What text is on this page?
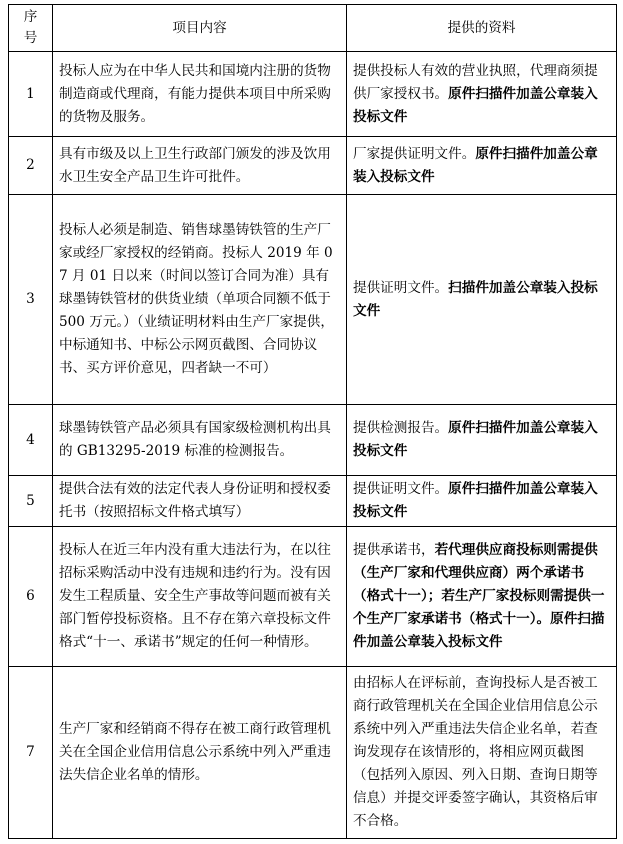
序
号	项目内容	提供的资料
1	投标人应为在中华人民共和国境内注册的货物制造商或代理商，有能力提供本项目中所采购的货物及服务。	提供投标人有效的营业执照，代理商须提供厂家授权书。原件扫描件加盖公章装入投标文件
2	具有市级及以上卫生行政部门颁发的涉及饮用水卫生安全产品卫生许可批件。	厂家提供证明文件。原件扫描件加盖公章装入投标文件
3	投标人必须是制造、销售球墨铸铁管的生产厂家或经厂家授权的经销商。投标人 2019 年 07 月 01 日以来（时间以签订合同为准）具有球墨铸铁管材的供货业绩（单项合同额不低于 500 万元。）（业绩证明材料由生产厂家提供，中标通知书、中标公示网页截图、合同协议书、买方评价意见，四者缺一不可）	提供证明文件。扫描件加盖公章装入投标文件
4	球墨铸铁管产品必须具有国家级检测机构出具的 GB13295-2019 标准的检测报告。	提供检测报告。原件扫描件加盖公章装入投标文件
5	提供合法有效的法定代表人身份证明和授权委托书（按照招标文件格式填写）	提供证明文件。原件扫描件加盖公章装入投标文件
6	投标人在近三年内没有重大违法行为，在以往招标采购活动中没有违规和违约行为。没有因发生工程质量、安全生产事故等问题而被有关部门暂停投标资格。且不存在第六章投标文件格式“十一、承诺书”规定的任何一种情形。	提供承诺书，若代理供应商投标则需提供（生产厂家和代理供应商）两个承诺书（格式十一）；若生产厂家投标则需提供一个生产厂家承诺书（格式十一）。原件扫描件加盖公章装入投标文件
7	生产厂家和经销商不得存在被工商行政管理机关在全国企业信用信息公示系统中列入严重违法失信企业名单的情形。	由招标人在评标前，查询投标人是否被工商行政管理机关在全国企业信用信息公示系统中列入严重违法失信企业名单，若查询发现存在该情形的，将相应网页截图（包括列入原因、列入日期、查询日期等信息）并提交评委签字确认，其资格后审不合格。
